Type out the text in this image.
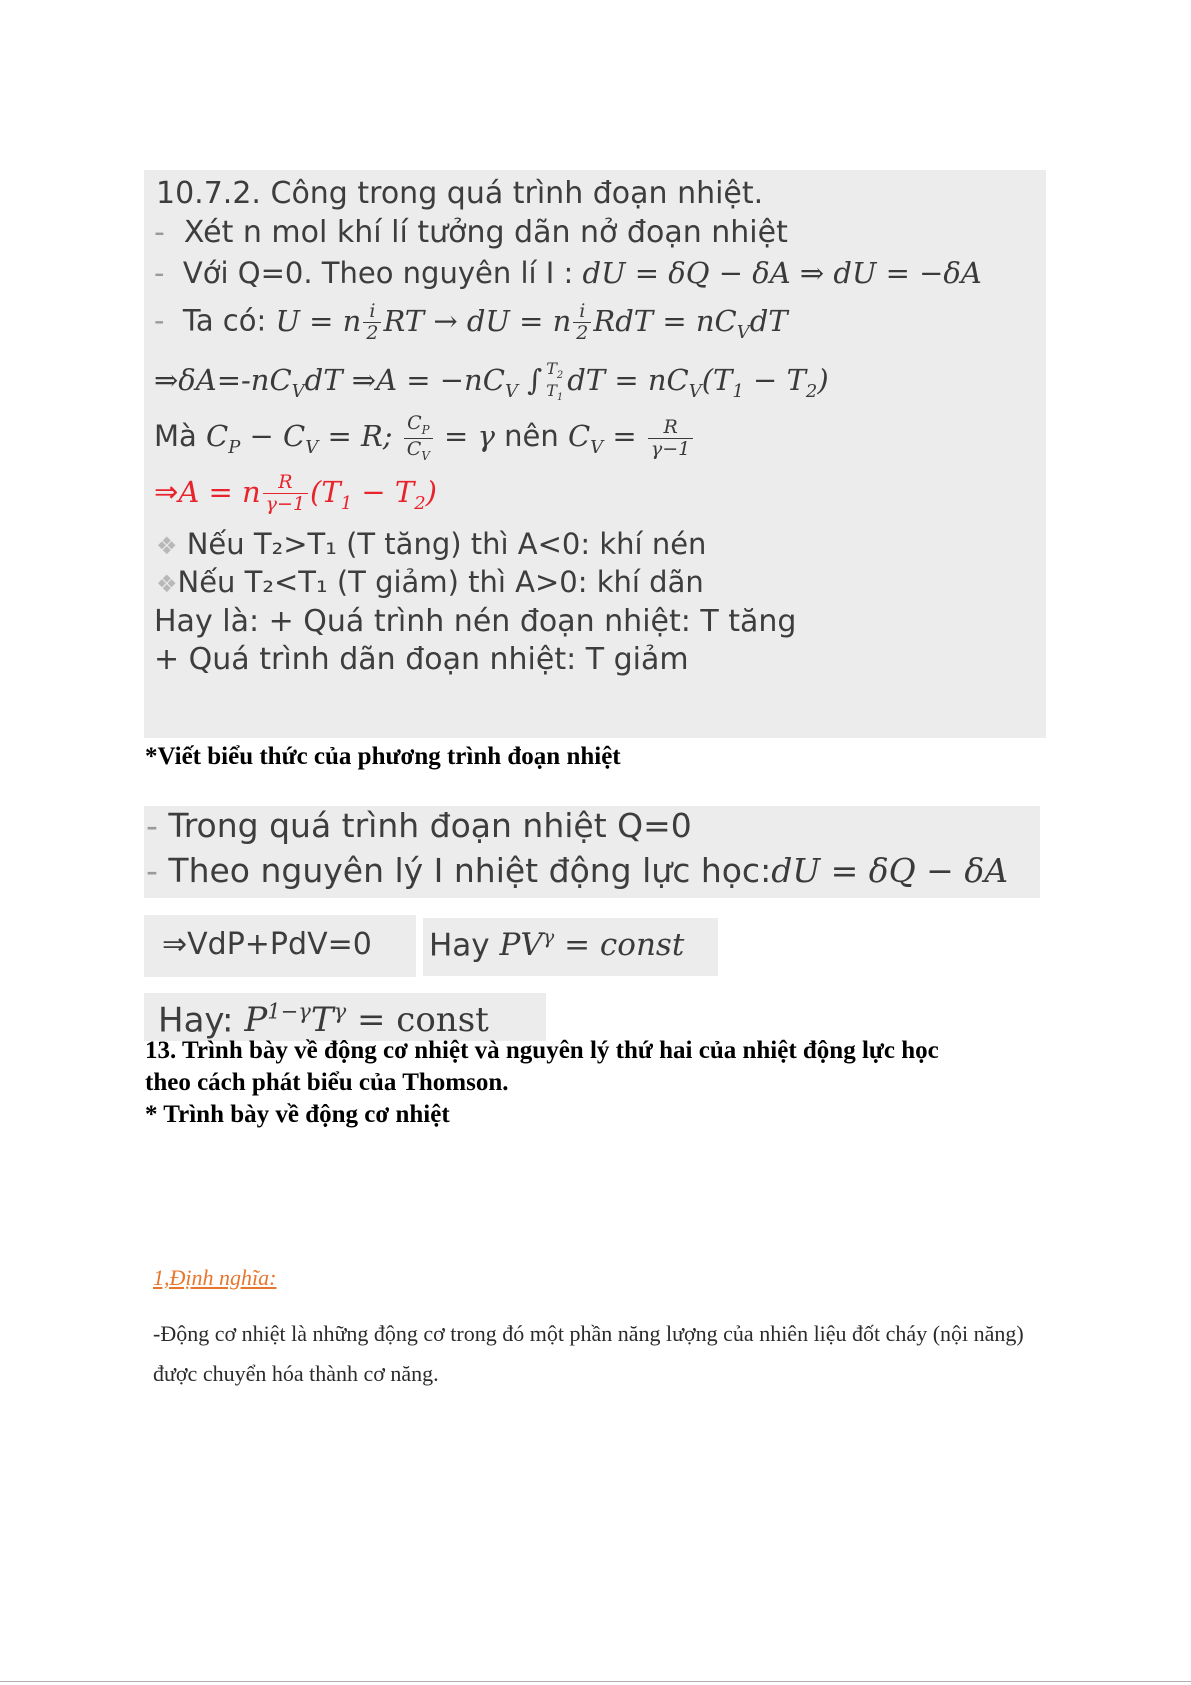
10.7.2. Công trong quá trình đoạn nhiệt.
-  Xét n mol khí lí tưởng dãn nở đoạn nhiệt
-  Với Q=0. Theo nguyên lí I : dU = δQ − δA ⇒ dU = −δA
-  Ta có: U = n $\frac{i}{2}$ RT → dU = n $\frac{i}{2}$ RdT = $nC_VdT$
$\Rightarrow\delta A=-nC_VdT$ ⇒A = $-nC_V$ ∫ $T_2$
$T_1$
dT = $nC_V(T_1 - T_2)$
Mà $C_P - C_V = R$; $\frac{C_P}{C_V} = \gamma$ nên $C_V = \frac{R}{\gamma-1}$
⇒A = n $\frac{R}{\gamma-1} (T_1 - T_2)$
❖ Nếu T₂>T₁ (T tăng) thì A<0: khí nén
❖Nếu T₂<T₁ (T giảm) thì A>0: khí dãn
Hay là: + Quá trình nén đoạn nhiệt: T tăng
+ Quá trình dãn đoạn nhiệt: T giảm
*Viết biểu thức của phương trình đoạn nhiệt
- Trong quá trình đoạn nhiệt Q=0
- Theo nguyên lý I nhiệt động lực học:dU = δQ − δA
⇒VdP+PdV=0 Hay $PV^\gamma$ = const
Hay: $P^{1-\gamma}T^\gamma$ = const
13. Trình bày về động cơ nhiệt và nguyên lý thứ hai của nhiệt động lực học
theo cách phát biểu của Thomson.
* Trình bày về động cơ nhiệt
1,Định nghĩa:
-Động cơ nhiệt là những động cơ trong đó một phần năng lượng của nhiên liệu đốt cháy (nội năng)
được chuyển hóa thành cơ năng.
